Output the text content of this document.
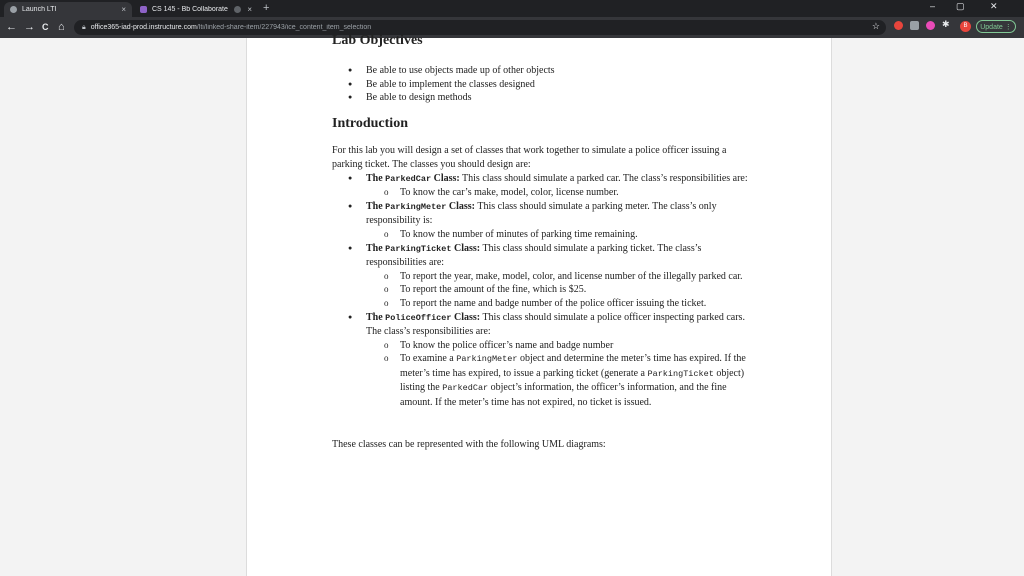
Launch LTI	×	CS 145 - Bb Collaborate	× +	– ▢	✕
← → C ⌂ 🔒︎ office365-iad-prod.instructure.com /lti/linked-share-item/227943/ice_content_item_selection	☆	✱	B	Update ⋮
Lab Objectives
● Be able to use objects made up of other objects
● Be able to implement the classes designed
● Be able to design methods
Introduction

For this lab you will design a set of classes that work together to simulate a police officer issuing a parking ticket. The classes you should design are:

● The ParkedCar Class: This class should simulate a parked car. The class’s responsibilities are:
o To know the car’s make, model, color, license number.
● The ParkingMeter Class: This class should simulate a parking meter. The class’s only responsibility is:
o To know the number of minutes of parking time remaining.
● The ParkingTicket Class: This class should simulate a parking ticket. The class’s responsibilities are:
o To report the year, make, model, color, and license number of the illegally parked car.
o To report the amount of the fine, which is $25.
o To report the name and badge number of the police officer issuing the ticket.
● The PoliceOfficer Class: This class should simulate a police officer inspecting parked cars. The class’s responsibilities are:
o To know the police officer’s name and badge number
o To examine a ParkingMeter object and determine the meter’s time has expired. If the meter’s time has expired, to issue a parking ticket (generate a ParkingTicket object) listing the ParkedCar object’s information, the officer’s information, and the fine amount. If the meter’s time has not expired, no ticket is issued.

These classes can be represented with the following UML diagrams:
